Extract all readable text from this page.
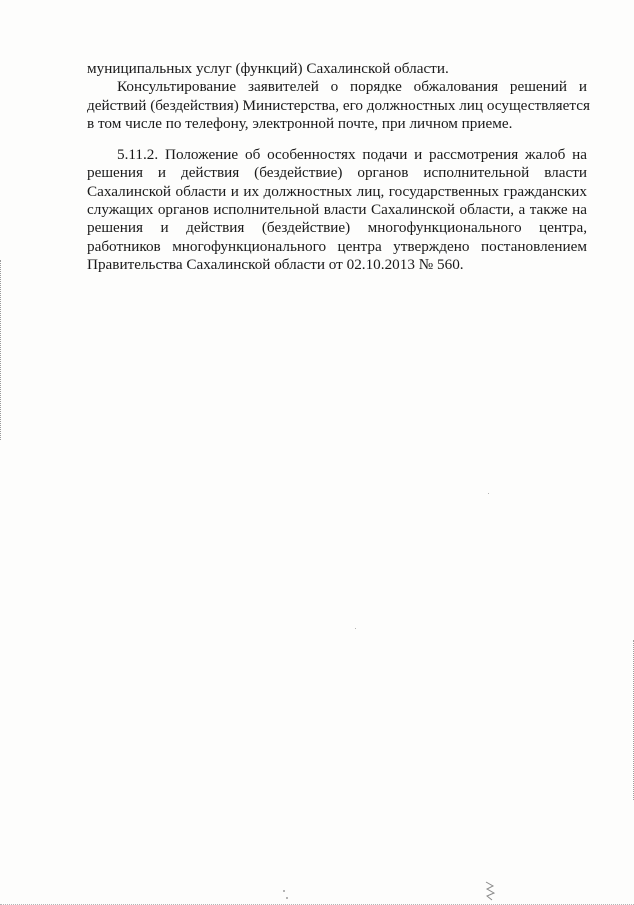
муниципальных услуг (функций) Сахалинской области.

Консультирование заявителей о порядке обжалования решений и
действий (бездействия) Министерства, его должностных лиц осуществляется
в том числе по телефону, электронной почте, при личном приеме.

5.11.2. Положение об особенностях подачи и рассмотрения жалоб на
решения и действия (бездействие) органов исполнительной власти
Сахалинской области и их должностных лиц, государственных гражданских
служащих органов исполнительной власти Сахалинской области, а также на
решения и действия (бездействие) многофункционального центра,
работников многофункционального центра утверждено постановлением
Правительства Сахалинской области от 02.10.2013 № 560.
